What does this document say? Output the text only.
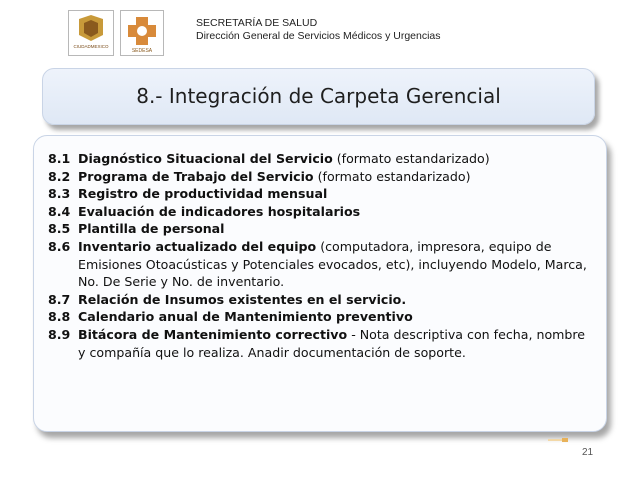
CIUDADMEXICO
SEDESA
SECRETARÍA DE SALUD
Dirección General de Servicios Médicos y Urgencias
8.- Integración de Carpeta Gerencial
8.1 Diagnóstico Situacional del Servicio (formato estandarizado)
8.2 Programa de Trabajo del Servicio (formato estandarizado)
8.3 Registro de productividad mensual
8.4 Evaluación de indicadores hospitalarios
8.5 Plantilla de personal
8.6 Inventario actualizado del equipo (computadora, impresora, equipo de Emisiones Otoacústicas y Potenciales evocados, etc), incluyendo Modelo, Marca, No. De Serie y No. de inventario.
8.7 Relación de Insumos existentes en el servicio.
8.8 Calendario anual de Mantenimiento preventivo
8.9 Bitácora de Mantenimiento correctivo - Nota descriptiva con fecha, nombre y compañía que lo realiza. Anadir documentación de soporte.
21
